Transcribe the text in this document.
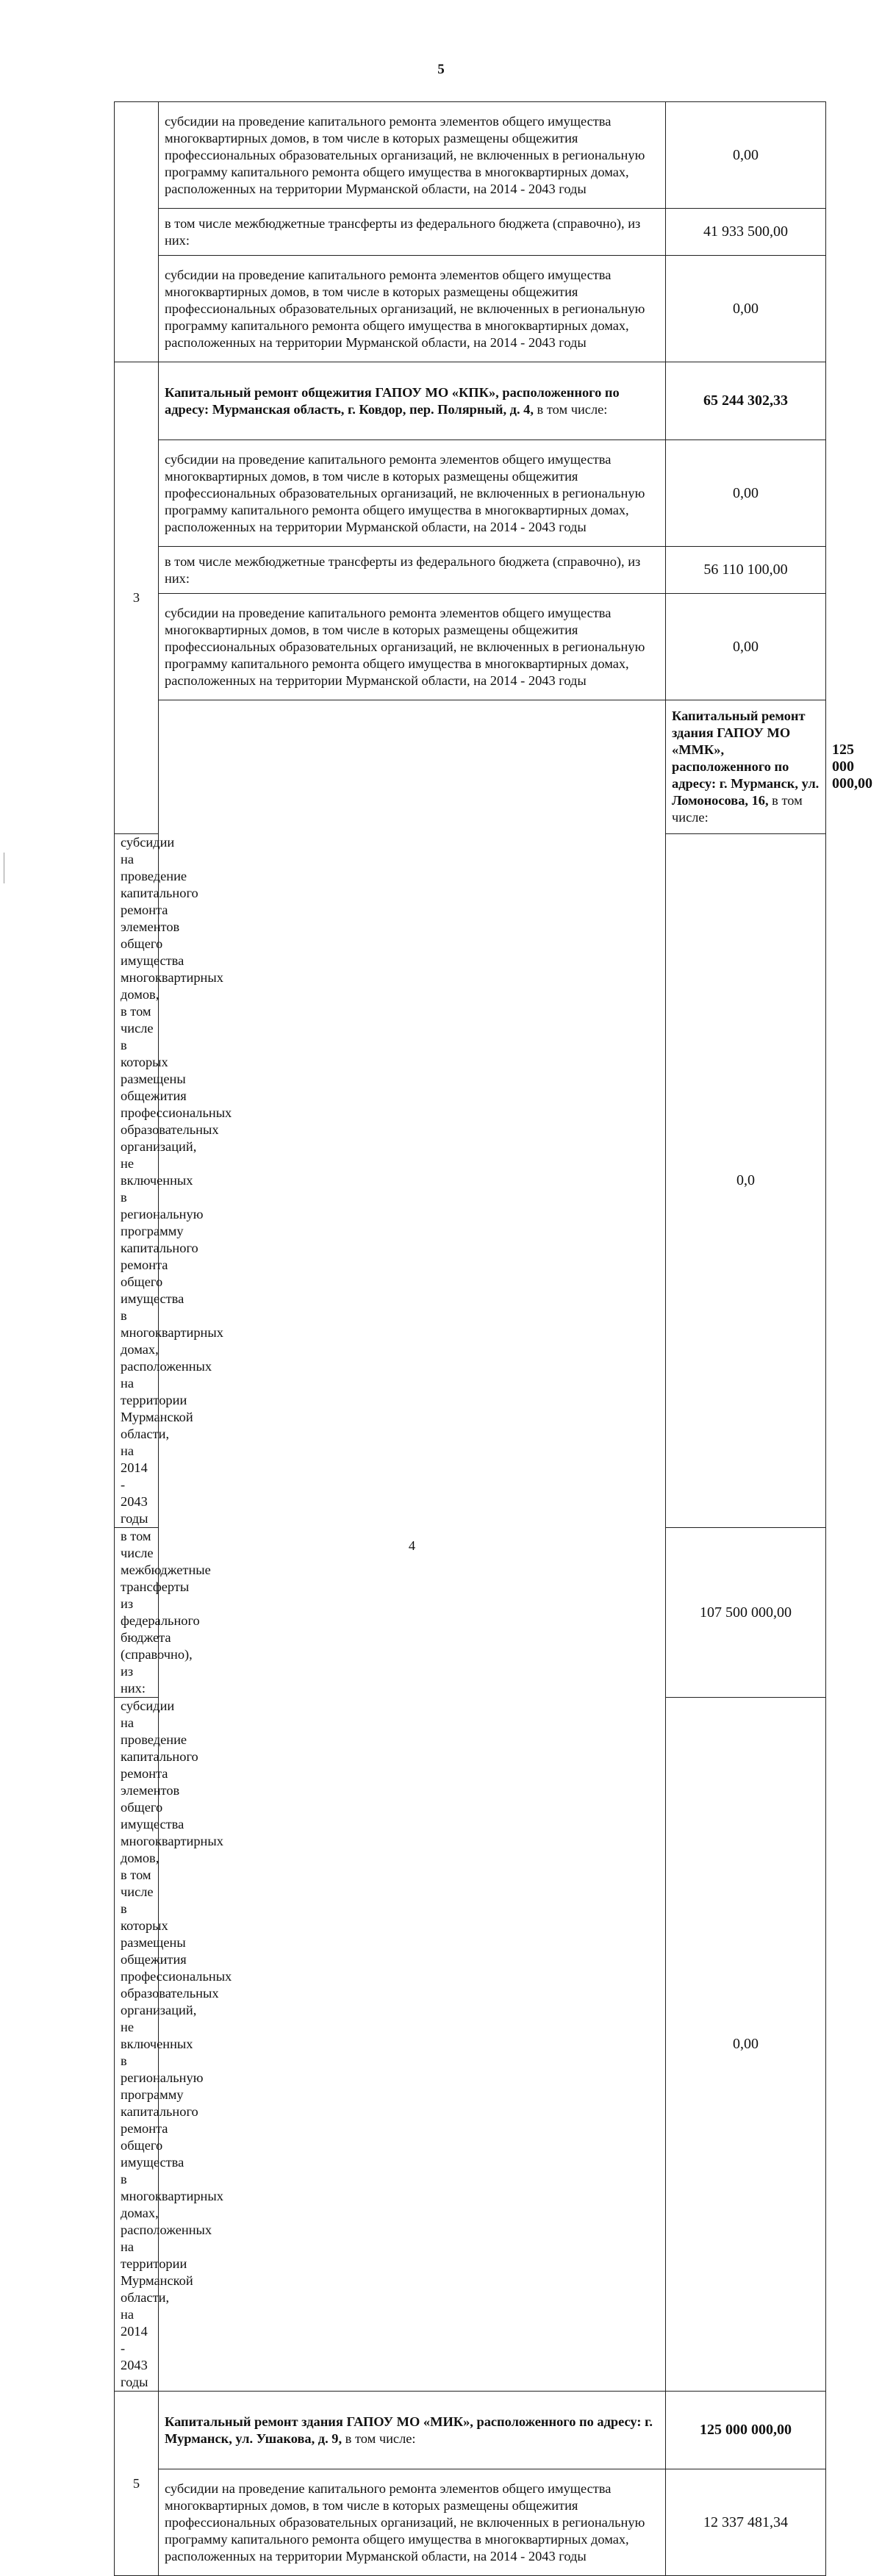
5
	субсидии на проведение капитального ремонта элементов общего имущества многоквартирных домов, в том числе в которых размещены общежития профессиональных образовательных организаций, не включенных в региональную программу капитального ремонта общего имущества в многоквартирных домах, расположенных на территории Мурманской области, на 2014 - 2043 годы	0,00	
	в том числе межбюджетные трансферты из федерального бюджета (справочно), из них:	41 933 500,00	
	субсидии на проведение капитального ремонта элементов общего имущества многоквартирных домов, в том числе в которых размещены общежития профессиональных образовательных организаций, не включенных в региональную программу капитального ремонта общего имущества в многоквартирных домах, расположенных на территории Мурманской области, на 2014 - 2043 годы	0,00	
3	Капитальный ремонт общежития ГАПОУ МО «КПК», расположенного по адресу: Мурманская область, г. Ковдор, пер. Полярный, д. 4, в том числе:	65 244 302,33	
	субсидии на проведение капитального ремонта элементов общего имущества многоквартирных домов, в том числе в которых размещены общежития профессиональных образовательных организаций, не включенных в региональную программу капитального ремонта общего имущества в многоквартирных домах, расположенных на территории Мурманской области, на 2014 - 2043 годы	0,00	
	в том числе межбюджетные трансферты из федерального бюджета (справочно), из них:	56 110 100,00	
	субсидии на проведение капитального ремонта элементов общего имущества многоквартирных домов, в том числе в которых размещены общежития профессиональных образовательных организаций, не включенных в региональную программу капитального ремонта общего имущества в многоквартирных домах, расположенных на территории Мурманской области, на 2014 - 2043 годы	0,00	
	4	Капитальный ремонт здания ГАПОУ МО «ММК», расположенного по адресу: г. Мурманск, ул. Ломоносова, 16, в том числе:	125 000 000,00
субсидии на проведение капитального ремонта элементов общего имущества многоквартирных домов, в том числе в которых размещены общежития профессиональных образовательных организаций, не включенных в региональную программу капитального ремонта общего имущества в многоквартирных домах, расположенных на территории Мурманской области, на 2014 - 2043 годы		0,0	
в том числе межбюджетные трансферты из федерального бюджета (справочно), из них:		107 500 000,00	
субсидии на проведение капитального ремонта элементов общего имущества многоквартирных домов, в том числе в которых размещены общежития профессиональных образовательных организаций, не включенных в региональную программу капитального ремонта общего имущества в многоквартирных домах, расположенных на территории Мурманской области, на 2014 - 2043 годы		0,00	
5	Капитальный ремонт здания ГАПОУ МО «МИК», расположенного по адресу: г. Мурманск, ул. Ушакова, д. 9, в том числе:	125 000 000,00	
	субсидии на проведение капитального ремонта элементов общего имущества многоквартирных домов, в том числе в которых размещены общежития профессиональных образовательных организаций, не включенных в региональную программу капитального ремонта общего имущества в многоквартирных домах, расположенных на территории Мурманской области, на 2014 - 2043 годы	12 337 481,34	
